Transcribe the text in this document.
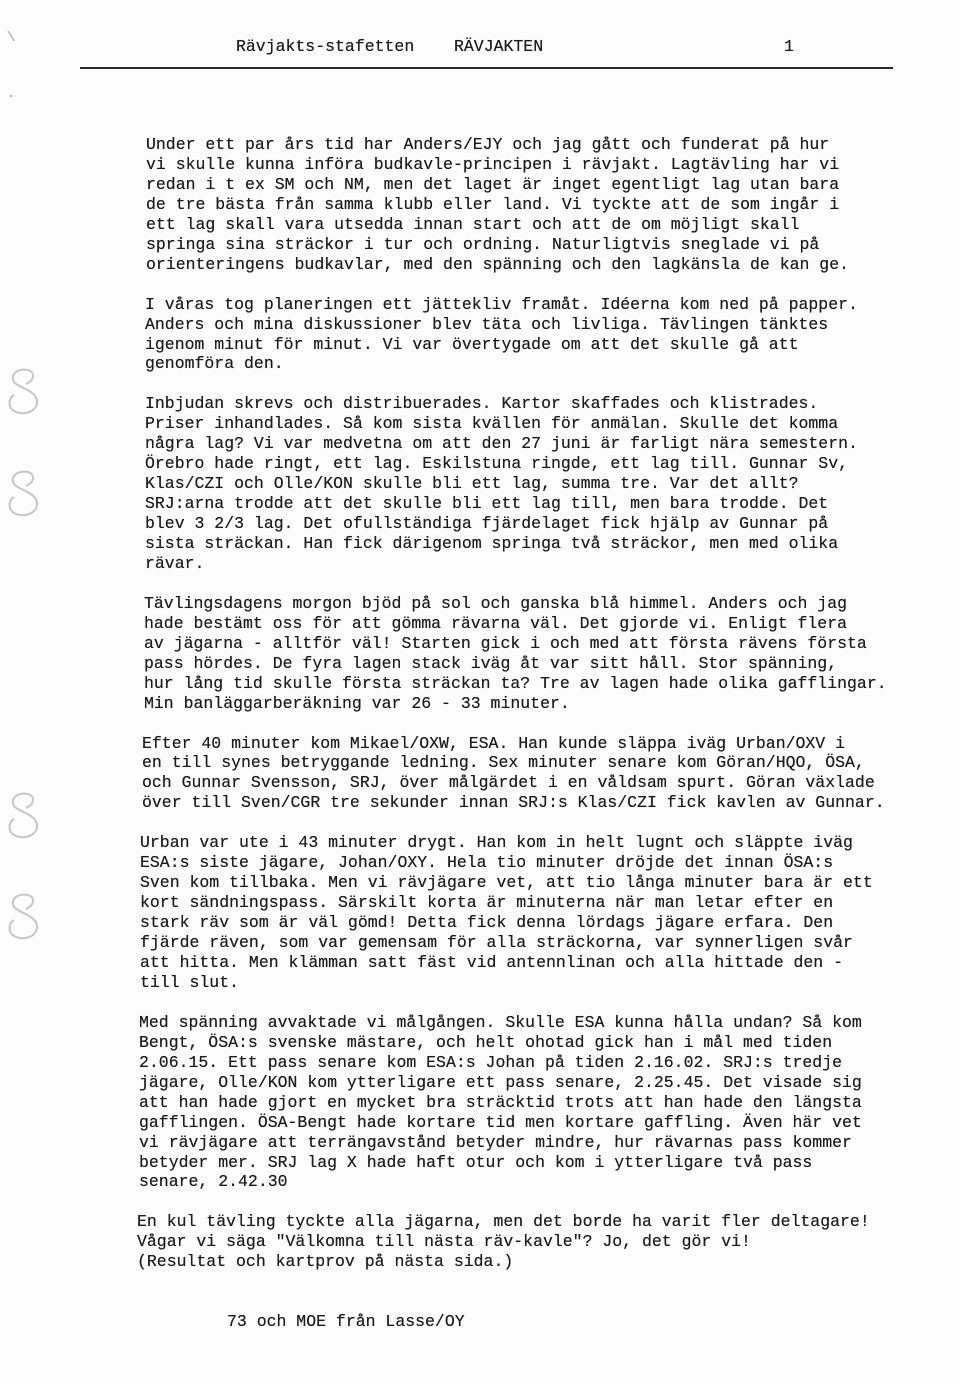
Rävjakts-stafetten RÄVJAKTEN	1

Under ett par års tid har Anders/EJY och jag gått och funderat på hur
vi skulle kunna införa budkavle-principen i rävjakt. Lagtävling har vi
redan i t ex SM och NM, men det laget är inget egentligt lag utan bara
de tre bästa från samma klubb eller land. Vi tyckte att de som ingår i
ett lag skall vara utsedda innan start och att de om möjligt skall
springa sina sträckor i tur och ordning. Naturligtvis sneglade vi på
orienteringens budkavlar, med den spänning och den lagkänsla de kan ge.

I våras tog planeringen ett jättekliv framåt. Idéerna kom ned på papper.
Anders och mina diskussioner blev täta och livliga. Tävlingen tänktes
igenom minut för minut. Vi var övertygade om att det skulle gå att
genomföra den.

Inbjudan skrevs och distribuerades. Kartor skaffades och klistrades.
Priser inhandlades. Så kom sista kvällen för anmälan. Skulle det komma
några lag? Vi var medvetna om att den 27 juni är farligt nära semestern.
Örebro hade ringt, ett lag. Eskilstuna ringde, ett lag till. Gunnar Sv,
Klas/CZI och Olle/KON skulle bli ett lag, summa tre. Var det allt?
SRJ:arna trodde att det skulle bli ett lag till, men bara trodde. Det
blev 3 2/3 lag. Det ofullständiga fjärdelaget fick hjälp av Gunnar på
sista sträckan. Han fick därigenom springa två sträckor, men med olika
rävar.

Tävlingsdagens morgon bjöd på sol och ganska blå himmel. Anders och jag
hade bestämt oss för att gömma rävarna väl. Det gjorde vi. Enligt flera
av jägarna - alltför väl! Starten gick i och med att första rävens första
pass hördes. De fyra lagen stack iväg åt var sitt håll. Stor spänning,
hur lång tid skulle första sträckan ta? Tre av lagen hade olika gafflingar.
Min banläggarberäkning var 26 - 33 minuter.

Efter 40 minuter kom Mikael/OXW, ESA. Han kunde släppa iväg Urban/OXV i
en till synes betryggande ledning. Sex minuter senare kom Göran/HQO, ÖSA,
och Gunnar Svensson, SRJ, över målgärdet i en våldsam spurt. Göran växlade
över till Sven/CGR tre sekunder innan SRJ:s Klas/CZI fick kavlen av Gunnar.

Urban var ute i 43 minuter drygt. Han kom in helt lugnt och släppte iväg
ESA:s siste jägare, Johan/OXY. Hela tio minuter dröjde det innan ÖSA:s
Sven kom tillbaka. Men vi rävjägare vet, att tio långa minuter bara är ett
kort sändningspass. Särskilt korta är minuterna när man letar efter en
stark räv som är väl gömd! Detta fick denna lördags jägare erfara. Den
fjärde räven, som var gemensam för alla sträckorna, var synnerligen svår
att hitta. Men klämman satt fäst vid antennlinan och alla hittade den -
till slut.

Med spänning avvaktade vi målgången. Skulle ESA kunna hålla undan? Så kom
Bengt, ÖSA:s svenske mästare, och helt ohotad gick han i mål med tiden
2.06.15. Ett pass senare kom ESA:s Johan på tiden 2.16.02. SRJ:s tredje
jägare, Olle/KON kom ytterligare ett pass senare, 2.25.45. Det visade sig
att han hade gjort en mycket bra sträcktid trots att han hade den längsta
gafflingen. ÖSA-Bengt hade kortare tid men kortare gaffling. Även här vet
vi rävjägare att terrängavstånd betyder mindre, hur rävarnas pass kommer
betyder mer. SRJ lag X hade haft otur och kom i ytterligare två pass
senare, 2.42.30

En kul tävling tyckte alla jägarna, men det borde ha varit fler deltagare!
Vågar vi säga "Välkomna till nästa räv-kavle"? Jo, det gör vi!
(Resultat och kartprov på nästa sida.)

73 och MOE från Lasse/OY
